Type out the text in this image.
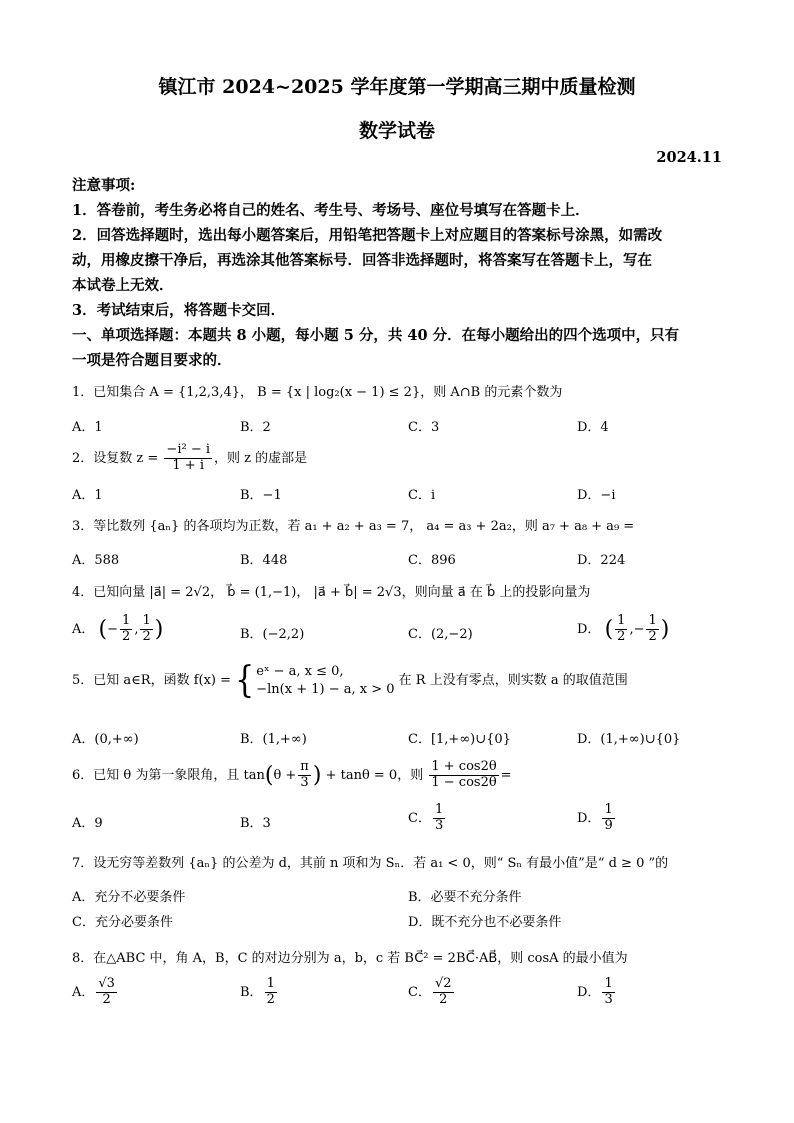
镇江市 2024~2025 学年度第一学期高三期中质量检测
数学试卷
2024.11
注意事项:
1．答卷前，考生务必将自己的姓名、考生号、考场号、座位号填写在答题卡上．
2．回答选择题时，选出每小题答案后，用铅笔把答题卡上对应题目的答案标号涂黑，如需改
动，用橡皮擦干净后，再选涂其他答案标号．回答非选择题时，将答案写在答题卡上，写在
本试卷上无效．
3．考试结束后，将答题卡交回．
一、单项选择题：本题共 8 小题，每小题 5 分，共 40 分．在每小题给出的四个选项中，只有
一项是符合题目要求的．
1．已知集合 A = {1,2,3,4}， B = {x | log₂(x − 1) ≤ 2}，则 A∩B 的元素个数为
A．1	B．2	C．3	D．4
2．设复数 $z = \frac{\text{−i² − i}}{1 + i}$ ，则 z 的虚部是
A．1	B．−1	C．i	D．−i
3．等比数列 {aₙ} 的各项均为正数，若 a₁ + a₂ + a₃ = 7， a₄ = a₃ + 2a₂，则 a₇ + a₈ + a₉ =
A．588	B．448	C．896	D．224
4．已知向量 |a⃗| = 2√2， b⃗ = (1,−1)， |a⃗ + b⃗| = 2√3，则向量 a⃗ 在 b⃗ 上的投影向量为
A． (− $\frac{1}{2}$ , $\frac{1}{2}$ )	B．(−2,2)	C．(2,−2)	D． ( $\frac{1}{2}$ ,− $\frac{1}{2}$ )
5．已知 a∈R，函数 f(x) = { eˣ − a, x ≤ 0,
−ln(x + 1) − a, x > 0
在 R 上没有零点，则实数 a 的取值范围
A．(0,+∞)	B．(1,+∞)	C．[1,+∞)∪{0}	D．(1,+∞)∪{0}
6．已知 θ 为第一象限角，且 $\tan(\theta + \frac{\pi}{3}$ ) + tanθ = 0，则 $\frac{1 + \cos 2\theta}{1 - \cos 2\theta}$ =
A．9	B．3	C． $\frac{1}{3}$	D． $\frac{1}{9}$
7．设无穷等差数列 {aₙ} 的公差为 d，其前 n 项和为 Sₙ．若 a₁ < 0，则“ Sₙ 有最小值”是“ d ≥ 0 ”的
A．充分不必要条件	B．必要不充分条件
C．充分必要条件	D．既不充分也不必要条件
8．在△ABC 中，角 A，B，C 的对边分别为 a，b，c 若 BC⃗² = 2BC⃗·AB⃗，则 cosA 的最小值为
A． $\frac{√3}{2}$	B． $\frac{1}{2}$	C． $\frac{√2}{2}$	D． $\frac{1}{3}$
